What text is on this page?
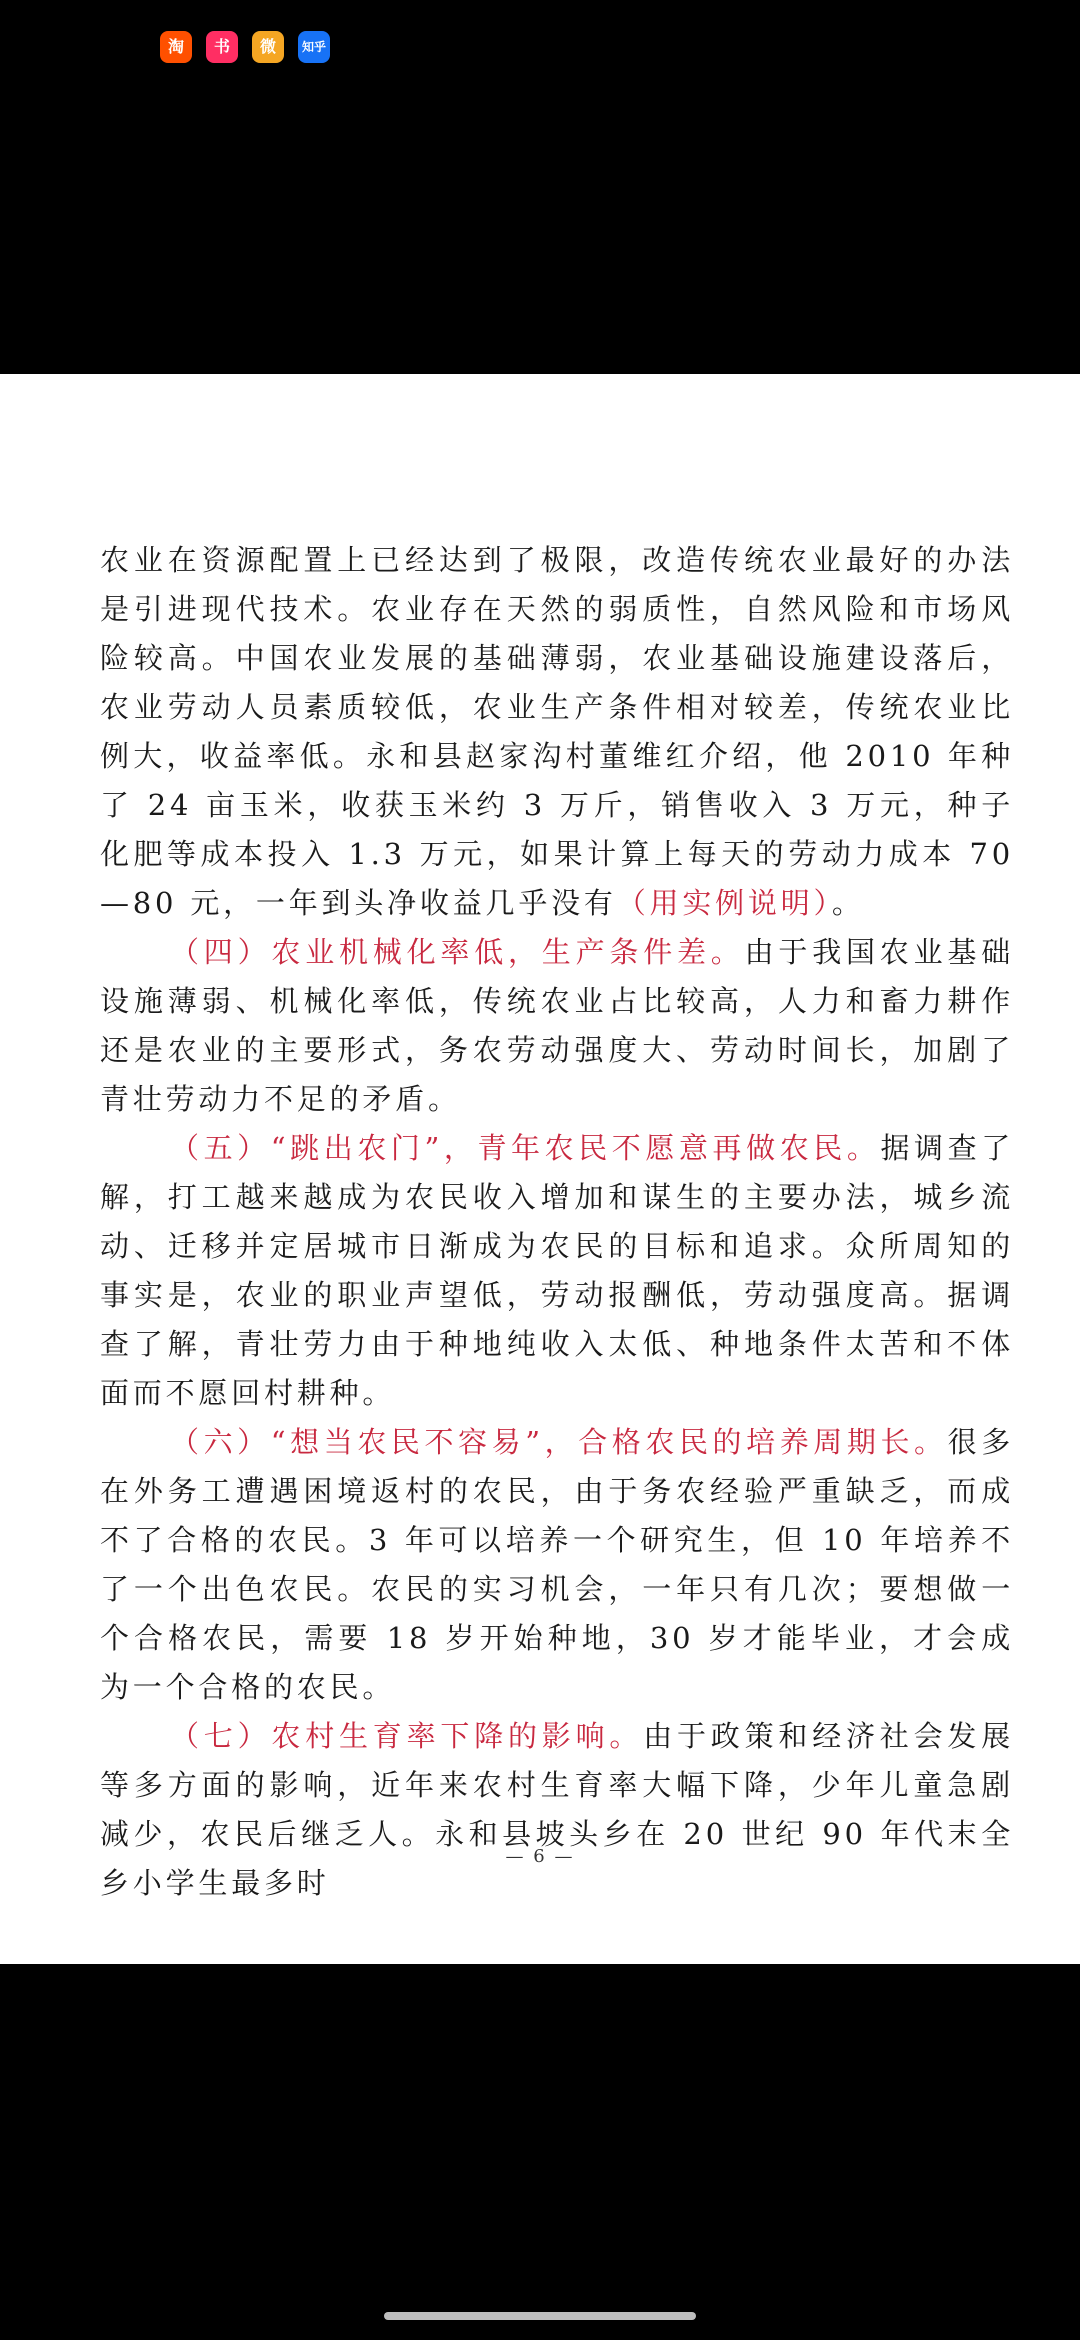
淘	书	微	知乎

农业在资源配置上已经达到了极限，改造传统农业最好的办法是引进现代技术。农业存在天然的弱质性，自然风险和市场风险较高。中国农业发展的基础薄弱，农业基础设施建设落后，农业劳动人员素质较低，农业生产条件相对较差，传统农业比例大，收益率低。永和县赵家沟村董维红介绍，他 2010 年种了 24 亩玉米，收获玉米约 3 万斤，销售收入 3 万元，种子化肥等成本投入 1.3 万元，如果计算上每天的劳动力成本 70—80 元，一年到头净收益几乎没有（用实例说明）。

（四）农业机械化率低，生产条件差。由于我国农业基础设施薄弱、机械化率低，传统农业占比较高，人力和畜力耕作还是农业的主要形式，务农劳动强度大、劳动时间长，加剧了青壮劳动力不足的矛盾。

（五）“跳出农门”，青年农民不愿意再做农民。据调查了解，打工越来越成为农民收入增加和谋生的主要办法，城乡流动、迁移并定居城市日渐成为农民的目标和追求。众所周知的事实是，农业的职业声望低，劳动报酬低，劳动强度高。据调查了解，青壮劳力由于种地纯收入太低、种地条件太苦和不体面而不愿回村耕种。

（六）“想当农民不容易”，合格农民的培养周期长。很多在外务工遭遇困境返村的农民，由于务农经验严重缺乏，而成不了合格的农民。3 年可以培养一个研究生，但 10 年培养不了一个出色农民。农民的实习机会，一年只有几次；要想做一个合格农民，需要 18 岁开始种地，30 岁才能毕业，才会成为一个合格的农民。

（七）农村生育率下降的影响。由于政策和经济社会发展等多方面的影响，近年来农村生育率大幅下降，少年儿童急剧减少，农民后继乏人。永和县坡头乡在 20 世纪 90 年代末全乡小学生最多时

— 6 —
